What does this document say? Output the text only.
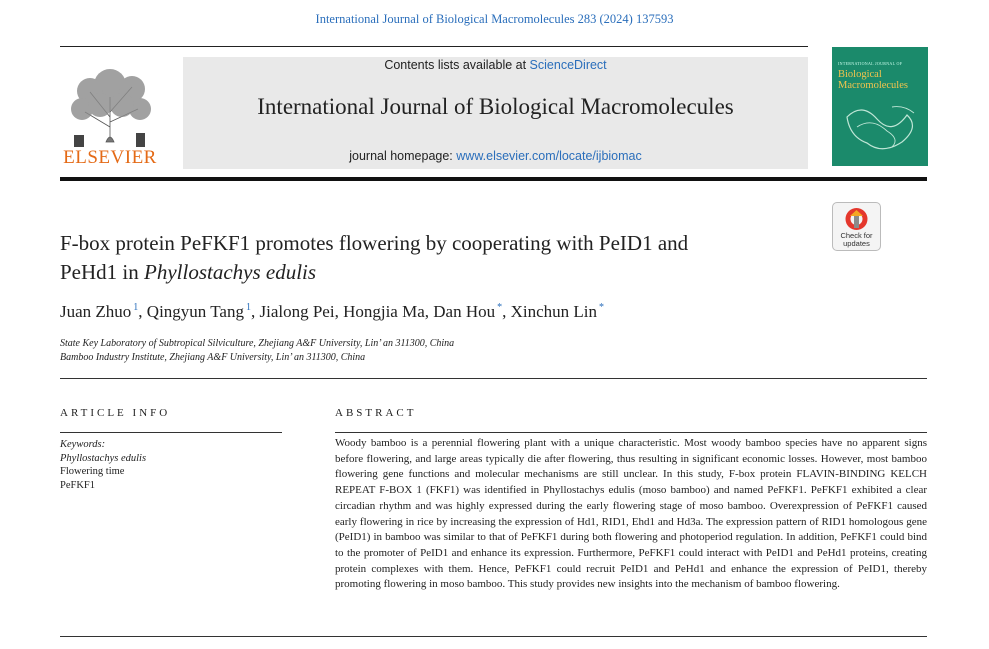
International Journal of Biological Macromolecules 283 (2024) 137593
ELSEVIER
Contents lists available at ScienceDirect
International Journal of Biological Macromolecules
journal homepage: www.elsevier.com/locate/ijbiomac
INTERNATIONAL JOURNAL OF
Biological
Macromolecules
Check for
updates
F-box protein PeFKF1 promotes flowering by cooperating with PeID1 and
PeHd1 in Phyllostachys edulis
Juan Zhuo $^1$, Qingyun Tang $^1$, Jialong Pei, Hongjia Ma, Dan Hou *, Xinchun Lin *
State Key Laboratory of Subtropical Silviculture, Zhejiang A&F University, Lin’ an 311300, China
Bamboo Industry Institute, Zhejiang A&F University, Lin’ an 311300, China
ARTICLE INFO
Keywords:
Phyllostachys edulis
Flowering time
PeFKF1
ABSTRACT
Woody bamboo is a perennial flowering plant with a unique characteristic. Most woody bamboo species have no apparent signs before flowering, and large areas typically die after flowering, thus resulting in significant economic losses. However, most bamboo flowering gene functions and molecular mechanisms are still unclear. In this study, F-box protein FLAVIN-BINDING KELCH REPEAT F-BOX 1 (FKF1) was identified in Phyllostachys edulis (moso bamboo) and named PeFKF1. PeFKF1 exhibited a clear circadian rhythm and was highly expressed during the early flowering stage of moso bamboo. Overexpression of PeFKF1 caused early flowering in rice by increasing the expression of Hd1, RID1, Ehd1 and Hd3a. The expression pattern of RID1 homologous gene (PeID1) in bamboo was similar to that of PeFKF1 during both flowering and photoperiod regulation. In addition, PeFKF1 could bind to the promoter of PeID1 and enhance its expression. Furthermore, PeFKF1 could interact with PeID1 and PeHd1 proteins, creating protein complexes with them. Hence, PeFKF1 could recruit PeID1 and PeHd1 and enhance the expression of PeID1, thereby promoting flowering in moso bamboo. This study provides new insights into the mechanism of bamboo flowering.
